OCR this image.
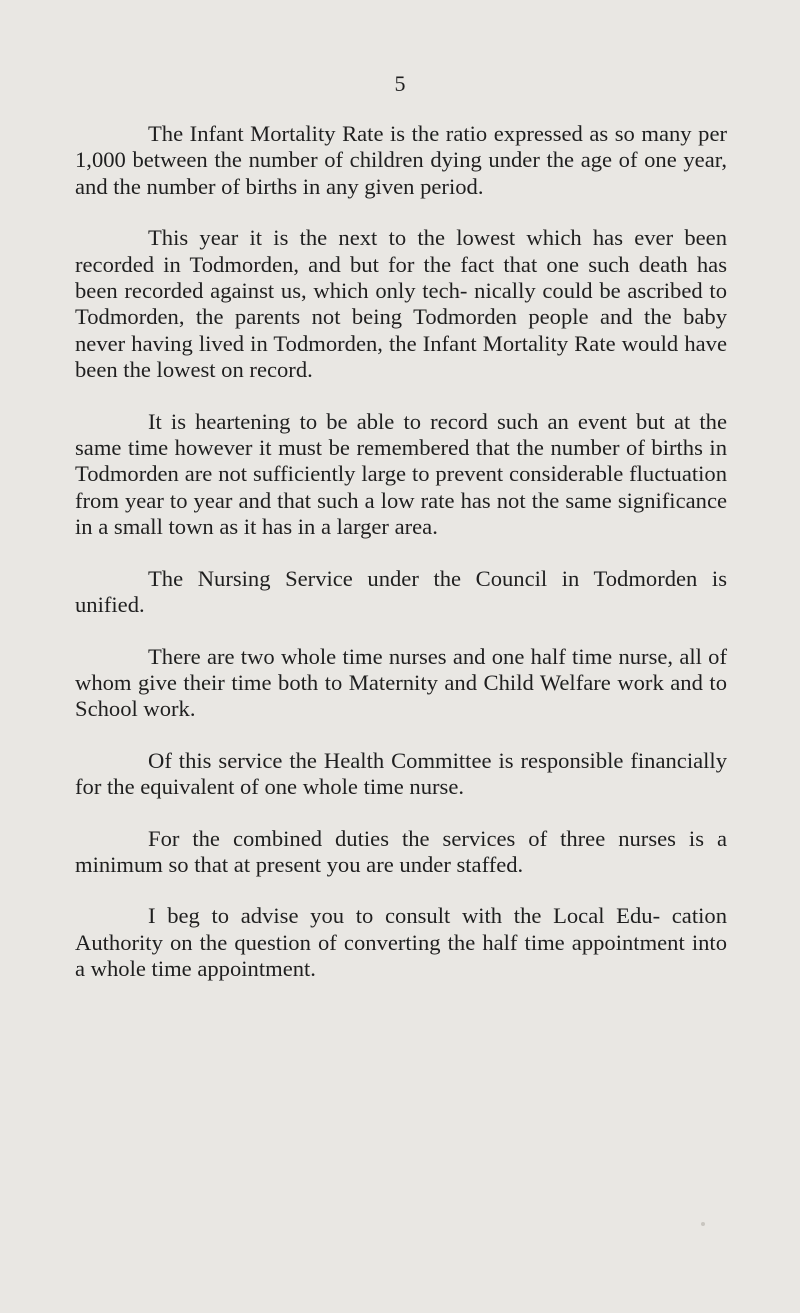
5

The Infant Mortality Rate is the ratio expressed as so many per 1,000 between the number of children dying under the age of one year, and the number of births in any given period.

This year it is the next to the lowest which has ever been recorded in Todmorden, and but for the fact that one such death has been recorded against us, which only tech- nically could be ascribed to Todmorden, the parents not being Todmorden people and the baby never having lived in Todmorden, the Infant Mortality Rate would have been the lowest on record.

It is heartening to be able to record such an event but at the same time however it must be remembered that the number of births in Todmorden are not sufficiently large to prevent considerable fluctuation from year to year and that such a low rate has not the same significance in a small town as it has in a larger area.

The Nursing Service under the Council in Todmorden is unified.

There are two whole time nurses and one half time nurse, all of whom give their time both to Maternity and Child Welfare work and to School work.

Of this service the Health Committee is responsible financially for the equivalent of one whole time nurse.

For the combined duties the services of three nurses is a minimum so that at present you are under staffed.

I beg to advise you to consult with the Local Edu- cation Authority on the question of converting the half time appointment into a whole time appointment.
